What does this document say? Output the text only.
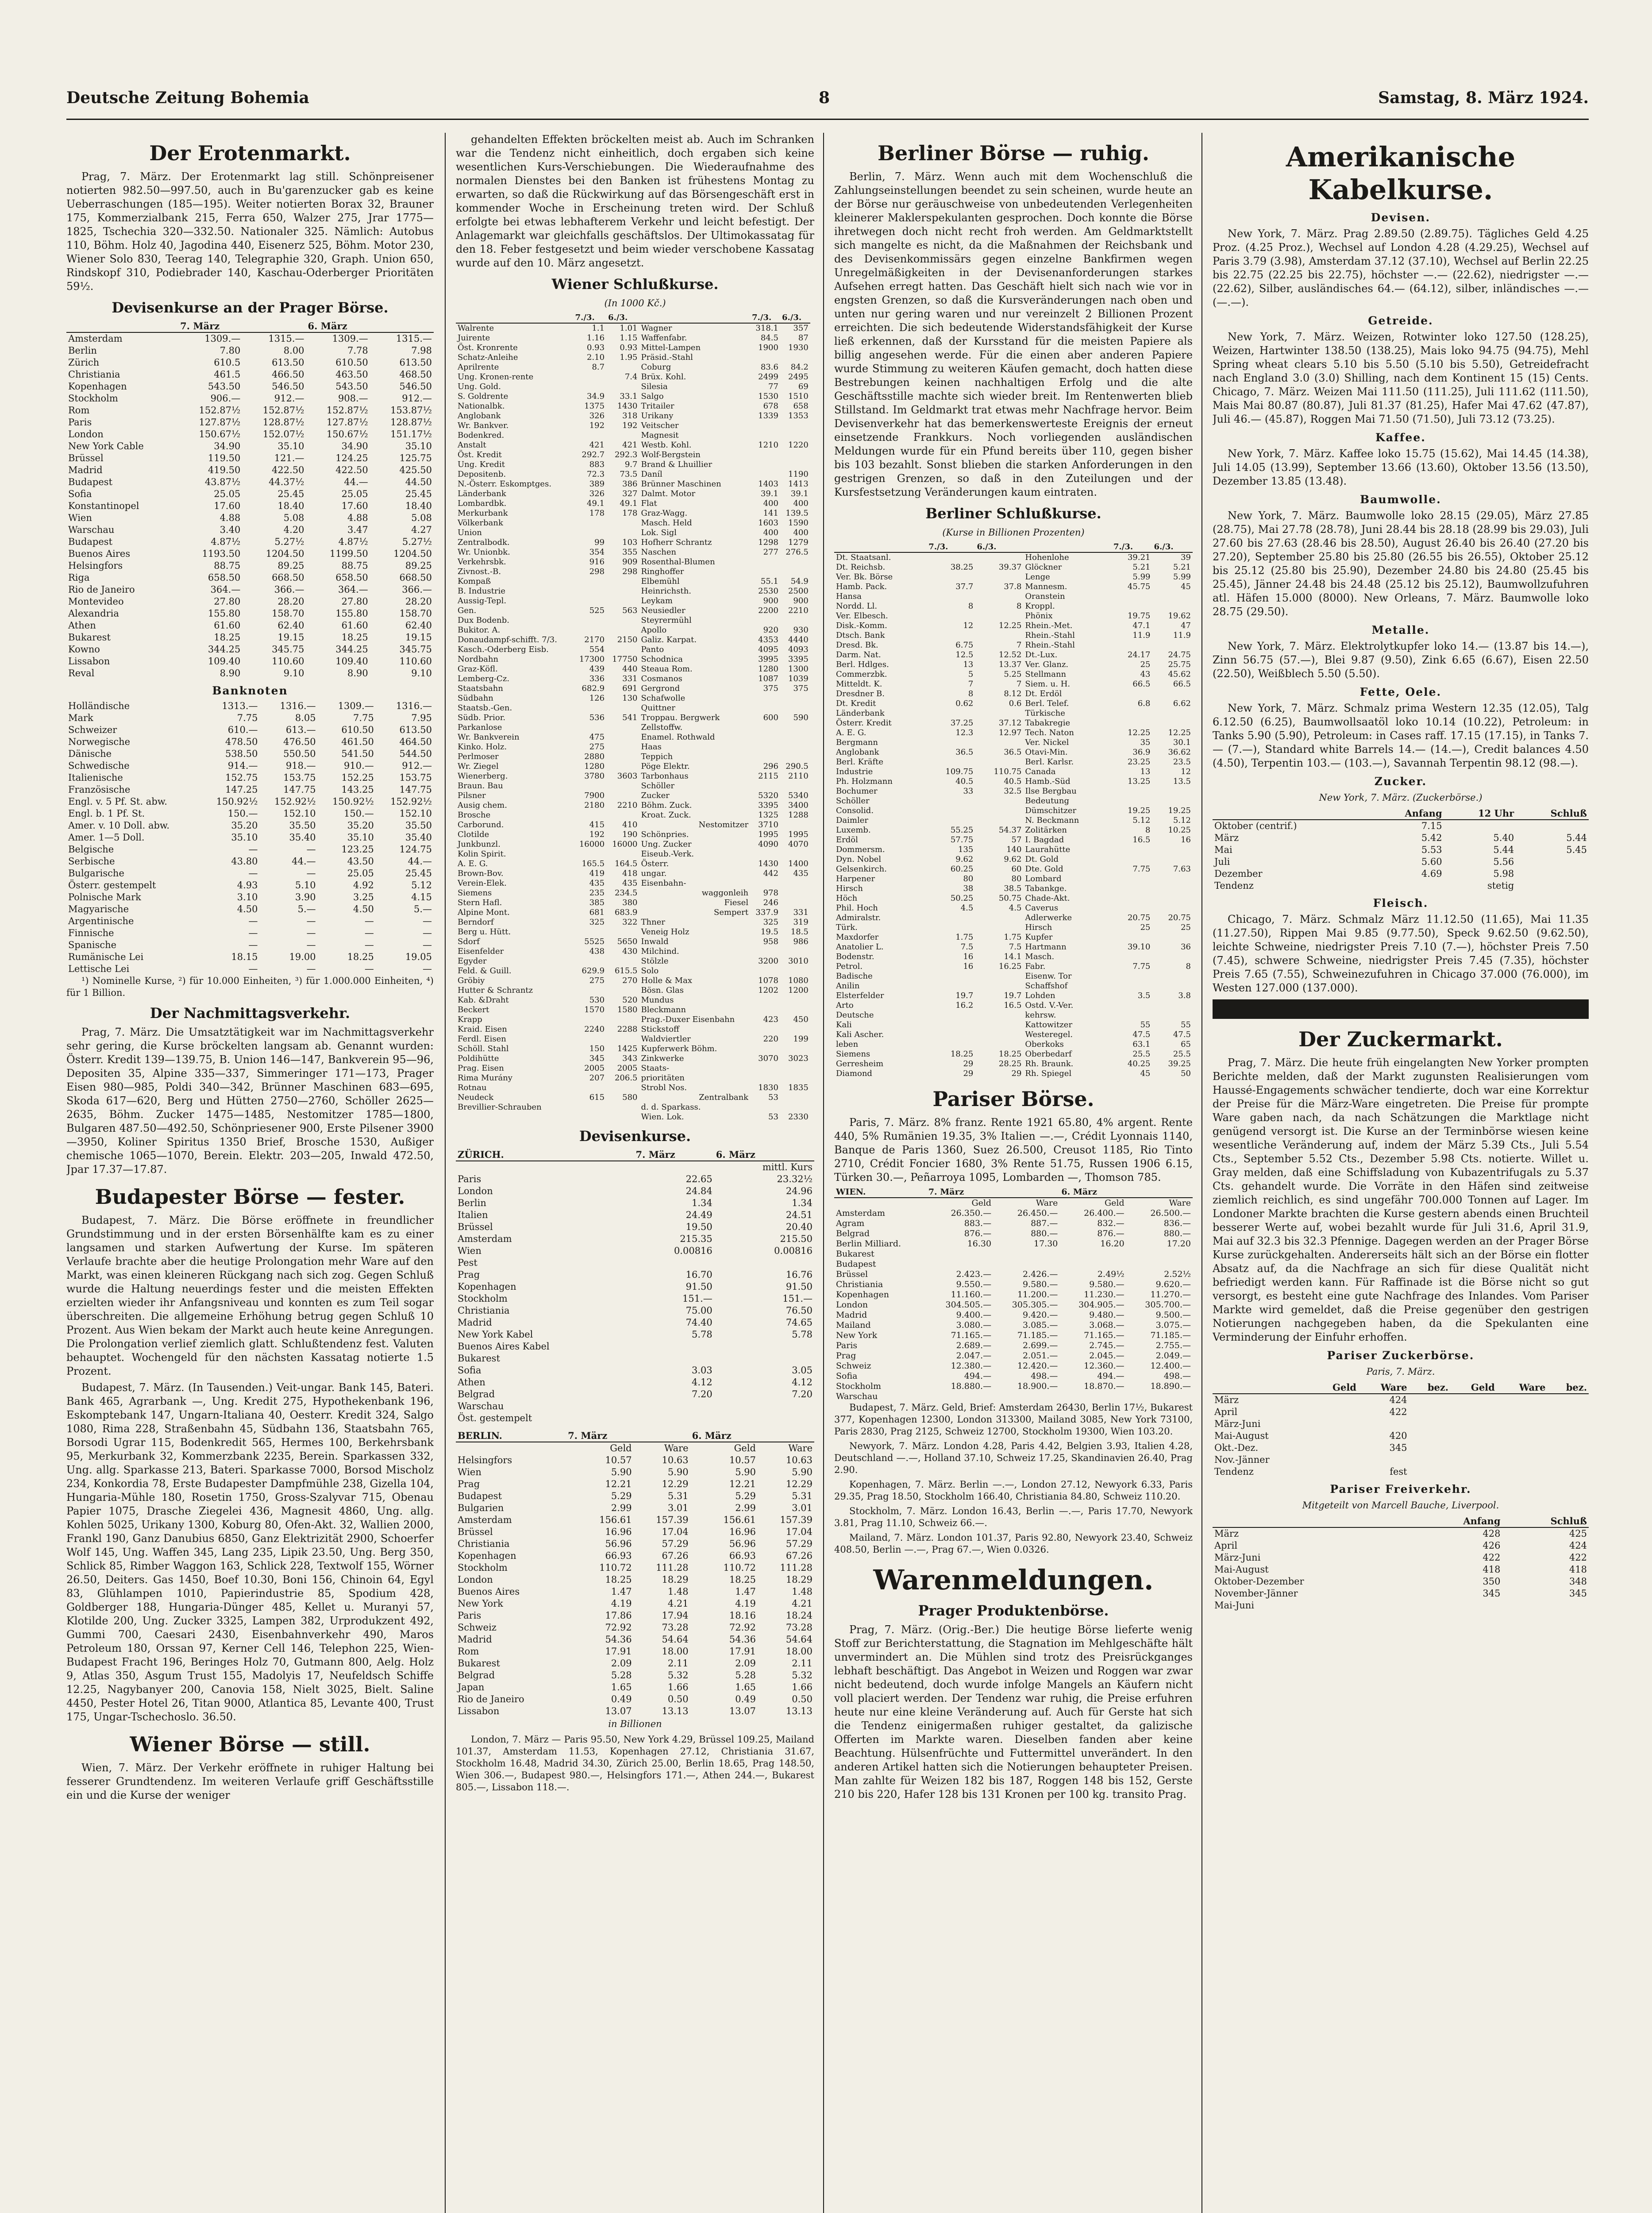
Deutsche Zeitung Bohemia	8	Samstag, 8. März 1924.
Der Erotenmarkt.

Prag, 7. März. Der Erotenmarkt lag still. Schönpreisener notierten 982.50—997.50, auch in Bu'garenzucker gab es keine Ueberraschungen (185—195). Weiter notierten Borax 32, Brauner 175, Kommerzialbank 215, Ferra 650, Walzer 275, Jrar 1775—1825, Tschechia 320—332.50. Nationaler 325. Nämlich: Autobus 110, Böhm. Holz 40, Jagodina 440, Eisenerz 525, Böhm. Motor 230, Wiener Solo 830, Teerag 140, Telegraphie 320, Graph. Union 650, Rindskopf 310, Podiebrader 140, Kaschau-Oderberger Prioritäten 59½.

Devisenkurse an der Prager Börse.
	7. März		6. März	
Amsterdam	1309.—	1315.—	1309.—	1315.—
Berlin	7.80	8.00	7.78	7.98
Zürich	610.5	613.50	610.50	613.50
Christiania	461.5	466.50	463.50	468.50
Kopenhagen	543.50	546.50	543.50	546.50
Stockholm	906.—	912.—	908.—	912.—
Rom	152.87½	152.87½	152.87½	153.87½
Paris	127.87½	128.87½	127.87½	128.87½
London	150.67½	152.07½	150.67½	151.17½
New York Cable	34.90	35.10	34.90	35.10
Brüssel	119.50	121.—	124.25	125.75
Madrid	419.50	422.50	422.50	425.50
Budapest	43.87½	44.37½	44.—	44.50
Sofia	25.05	25.45	25.05	25.45
Konstantinopel	17.60	18.40	17.60	18.40
Wien	4.88	5.08	4.88	5.08
Warschau	3.40	4.20	3.47	4.27
Budapest	4.87½	5.27½	4.87½	5.27½
Buenos Aires	1193.50	1204.50	1199.50	1204.50
Helsingfors	88.75	89.25	88.75	89.25
Riga	658.50	668.50	658.50	668.50
Rio de Janeiro	364.—	366.—	364.—	366.—
Montevideo	27.80	28.20	27.80	28.20
Alexandria	155.80	158.70	155.80	158.70
Athen	61.60	62.40	61.60	62.40
Bukarest	18.25	19.15	18.25	19.15
Kowno	344.25	345.75	344.25	345.75
Lissabon	109.40	110.60	109.40	110.60
Reval	8.90	9.10	8.90	9.10
Banknoten
Holländische	1313.—	1316.—	1309.—	1316.—
Mark	7.75	8.05	7.75	7.95
Schweizer	610.—	613.—	610.50	613.50
Norwegische	478.50	476.50	461.50	464.50
Dänische	538.50	550.50	541.50	544.50
Schwedische	914.—	918.—	910.—	912.—
Italienische	152.75	153.75	152.25	153.75
Französische	147.25	147.75	143.25	147.75
Engl. v. 5 Pf. St. abw.	150.92½	152.92½	150.92½	152.92½
Engl. b. 1 Pf. St.	150.—	152.10	150.—	152.10
Amer. v. 10 Doll. abw.	35.20	35.50	35.20	35.50
Amer. 1—5 Doll.	35.10	35.40	35.10	35.40
Belgische	—	—	123.25	124.75
Serbische	43.80	44.—	43.50	44.—
Bulgarische	—	—	25.05	25.45
Österr. gestempelt	4.93	5.10	4.92	5.12
Polnische Mark	3.10	3.90	3.25	4.15
Magyarische	4.50	5.—	4.50	5.—
Argentinische	—	—	—	—
Finnische	—	—	—	—
Spanische	—	—	—	—
Rumänische Lei	18.15	19.00	18.25	19.05
Lettische Lei	—	—	—	—

¹) Nominelle Kurse, ²) für 10.000 Einheiten, ³) für 1.000.000 Einheiten, ⁴) für 1 Billion.

Der Nachmittagsverkehr.

Prag, 7. März. Die Umsatztätigkeit war im Nachmittagsverkehr sehr gering, die Kurse bröckelten langsam ab. Genannt wurden: Österr. Kredit 139—139.75, B. Union 146—147, Bankverein 95—96, Depositen 35, Alpine 335—337, Simmeringer 171—173, Prager Eisen 980—985, Poldi 340—342, Brünner Maschinen 683—695, Skoda 617—620, Berg und Hütten 2750—2760, Schöller 2625—2635, Böhm. Zucker 1475—1485, Nestomitzer 1785—1800, Bulgaren 487.50—492.50, Schönpriesener 900, Erste Pilsener 3900—3950, Koliner Spiritus 1350 Brief, Brosche 1530, Außiger chemische 1065—1070, Berein. Elektr. 203—205, Inwald 472.50, Jpar 17.37—17.87.

Budapester Börse — fester.

Budapest, 7. März. Die Börse eröffnete in freundlicher Grundstimmung und in der ersten Börsenhälfte kam es zu einer langsamen und starken Aufwertung der Kurse. Im späteren Verlaufe brachte aber die heutige Prolongation mehr Ware auf den Markt, was einen kleineren Rückgang nach sich zog. Gegen Schluß wurde die Haltung neuerdings fester und die meisten Effekten erzielten wieder ihr Anfangsniveau und konnten es zum Teil sogar überschreiten. Die allgemeine Erhöhung betrug gegen Schluß 10 Prozent. Aus Wien bekam der Markt auch heute keine Anregungen. Die Prolongation verlief ziemlich glatt. Schlußtendenz fest. Valuten behauptet. Wochengeld für den nächsten Kassatag notierte 1.5 Prozent.

Budapest, 7. März. (In Tausenden.) Veit-ungar. Bank 145, Bateri. Bank 465, Agrarbank —, Ung. Kredit 275, Hypothekenbank 196, Eskomptebank 147, Ungarn-Italiana 40, Oesterr. Kredit 324, Salgo 1080, Rima 228, Straßenbahn 45, Südbahn 136, Staatsbahn 765, Borsodi Ugrar 115, Bodenkredit 565, Hermes 100, Berkehrsbank 95, Merkurbank 32, Kommerzbank 2235, Berein. Sparkassen 332, Ung. allg. Sparkasse 213, Bateri. Sparkasse 7000, Borsod Mischolz 234, Konkordia 78, Erste Budapester Dampfmühle 238, Gizella 104, Hungaria-Mühle 180, Rosetin 1750, Gross-Szalyvar 715, Obenau Papier 1075, Drasche Ziegelei 436, Magnesit 4860, Ung. allg. Kohlen 5025, Urikany 1300, Koburg 80, Ofen-Akt. 32, Wallien 2000, Frankl 190, Ganz Danubius 6850, Ganz Elektrizität 2900, Schoerfer Wolf 145, Ung. Waffen 345, Lang 235, Lipik 23.50, Ung. Berg 350, Schlick 85, Rimber Waggon 163, Schlick 228, Textwolf 155, Wörner 26.50, Deiters. Gas 1450, Boef 10.30, Boni 156, Chinoin 64, Egyl 83, Glühlampen 1010, Papierindustrie 85, Spodium 428, Goldberger 188, Hungaria-Dünger 485, Kellet u. Muranyi 57, Klotilde 200, Ung. Zucker 3325, Lampen 382, Urprodukzent 492, Gummi 700, Caesari 2430, Eisenbahnverkehr 490, Maros Petroleum 180, Orssan 97, Kerner Cell 146, Telephon 225, Wien-Budapest Fracht 196, Beringes Holz 70, Gutmann 800, Aelg. Holz 9, Atlas 350, Asgum Trust 155, Madolyis 17, Neufeldsch Schiffe 12.25, Nagybanyer 200, Canovia 158, Nielt 3025, Bielt. Saline 4450, Pester Hotel 26, Titan 9000, Atlantica 85, Levante 400, Trust 175, Ungar-Tschechoslo. 36.50.

Wiener Börse — still.

Wien, 7. März. Der Verkehr eröffnete in ruhiger Haltung bei fesserer Grundtendenz. Im weiteren Verlaufe griff Geschäftsstille ein und die Kurse der weniger

gehandelten Effekten bröckelten meist ab. Auch im Schranken war die Tendenz nicht einheitlich, doch ergaben sich keine wesentlichen Kurs-Verschiebungen. Die Wiederaufnahme des normalen Dienstes bei den Banken ist frühestens Montag zu erwarten, so daß die Rückwirkung auf das Börsengeschäft erst in kommender Woche in Erscheinung treten wird. Der Schluß erfolgte bei etwas lebhafterem Verkehr und leicht befestigt. Der Anlagemarkt war gleichfalls geschäftslos. Der Ultimokassatag für den 18. Feber festgesetzt und beim wieder verschobene Kassatag wurde auf den 10. März angesetzt.

Wiener Schlußkurse.
(In 1000 Kč.)
	7./3.	6./3.		7./3.	6./3.	
Walrente	1.1	1.01	Wagner	318.1	357	
Juirente	1.16	1.15	Waffenfabr.	84.5	87	
Öst. Kronrente	0.93	0.93	Mittel-Lampen	1900	1930	
Schatz-Anleihe	2.10	1.95	Präsid.-Stahl			
Aprilrente	8.7		Coburg	83.6	84.2	
Ung. Kronen-rente		7.4	Brüx. Kohl.	2499	2495	
Ung. Gold.			Silesia	77	69	
S. Goldrente	34.9	33.1	Salgo	1530	1510	
Nationalbk.	1375	1430	Tritailer	678	658	
Anglobank	326	318	Urikany	1339	1353	
Wr. Bankver.	192	192	Veitscher			
Bodenkred.			Magnesit			
Anstalt	421	421	Westb. Kohl.	1210	1220	
Öst. Kredit	292.7	292.3	Wolf-Bergstein			
Ung. Kredit	883	9.7	Brand & Lhuillier			
Depositenb.	72.3	73.5	Daníl		1190	
N.-Österr. Eskomptges.	389	386	Brünner Maschinen	1403	1413	
Länderbank	326	327	Dalmt. Motor	39.1	39.1	
Lombardbk.	49.1	49.1	Flat	400	400	
Merkurbank	178	178	Graz-Wagg.	141	139.5	
Völkerbank			Masch. Held	1603	1590	
Union			Lok. Sigl	400	400	
Zentralbodk.	99	103	Hofherr Schrantz	1298	1279	
Wr. Unionbk.	354	355	Naschen	277	276.5	
Verkehrsbk.	916	909	Rosenthal-Blumen			
Zivnost.-B.	298	298	Ringhoffer			
Kompaß			Elbemühl	55.1	54.9	
B. Industrie			Heinrichsth.	2530	2500	
Aussig-Tepl.			Leykam	900	900	
Gen.	525	563	Neusiedler	2200	2210	
Dux Bodenb.			Steyrermühl			
Bukitor. A.			Apollo	920	930	
Donaudampf-schifft. 7/3.	2170	2150	Galiz. Karpat.	4353	4440	
Kasch.-Oderberg Eisb.	554		Panto	4095	4093	
Nordbahn	17300	17750	Schodnica	3995	3395	
Graz-Köfl.	439	440	Steaua Rom.	1280	1300	
Lemberg-Cz.	336	331	Cosmanos	1087	1039	
Staatsbahn	682.9	691	Gergrond	375	375	
Südbahn	126	130	Schafwolle			
Staatsb.-Gen.			Quittner			
Südb. Prior.	536	541	Troppau. Bergwerk	600	590	
Parkanlose			Zellstoffw.			
Wr. Bankverein	475		Enamel. Rothwald			
Kinko. Holz.	275		Haas			
Perlmoser	2880		Teppich			
Wr. Ziegel	1280		Pöge Elektr.	296	290.5	
Wienerberg.	3780	3603	Tarbonhaus	2115	2110	
Braun. Bau			Schöller			
Pilsner	7900		Zucker	5320	5340	
Ausig chem.	2180	2210	Böhm. Zuck.	3395	3400	
Brosche			Kroat. Zuck.	1325	1288	
Carborund.	415	410	Nestomitzer	3710		
Clotilde	192	190	Schönpries.	1995	1995	
Junkbunzl.	16000	16000	Ung. Zucker	4090	4070	
Kolin Spirit.			Eiseub.-Verk.			
A. E. G.	165.5	164.5	Österr.	1430	1400	
Brown-Bov.	419	418	ungar.	442	435	
Verein-Elek.	435	435	Eisenbahn-			
Siemens	235	234.5	waggonleih	978		
Stern Hafl.	385	380	Fiesel	246		
Alpine Mont.	681	683.9	Sempert	337.9	331	
Berndorf	325	322	Thner	325	319	
Berg u. Hütt.			Veneig Holz	19.5	18.5	
Sdorf	5525	5650	Inwald	958	986	
Eisenfelder	438	430	Milchind.			
Egyder			Stölzle	3200	3010	
Feld. & Guill.	629.9	615.5	Solo			
Gröbiy	275	270	Holle & Max	1078	1080	
Hutter & Schrantz			Bösn. Glas	1202	1200	
Kab. &Draht	530	520	Mundus			
Beckert	1570	1580	Bleckmann			
Krapp			Prag.-Duxer Eisenbahn	423	450	
Kraid. Eisen	2240	2288	Stickstoff			
Ferdl. Eisen			Waldviertler	220	199	
Schöll. Stahl	150	1425	Kupferwerk Böhm.			
Poldihütte	345	343	Zinkwerke	3070	3023	
Prag. Eisen	2005	2005	Staats-			
Rima Murány	207	206.5	prioritäten			
Rotnau			Strobl Nos.	1830	1835	
Neudeck	615	580	Zentralbank	53		
Brevillier-Schrauben			d. d. Sparkass.			
			Wien. Lok.	53	2330	
Devisenkurse.
ZÜRICH.	7. März	6. März
		mittl. Kurs
Paris	22.65	23.32½
London	24.84	24.96
Berlin	1.34	1.34
Italien	24.49	24.51
Brüssel	19.50	20.40
Amsterdam	215.35	215.50
Wien	0.00816	0.00816
Pest		
Prag	16.70	16.76
Kopenhagen	91.50	91.50
Stockholm	151.—	151.—
Christiania	75.00	76.50
Madrid	74.40	74.65
New York Kabel	5.78	5.78
Buenos Aires Kabel		
Bukarest		
Sofia	3.03	3.05
Athen	4.12	4.12
Belgrad	7.20	7.20
Warschau		
Öst. gestempelt		
BERLIN.	7. März		6. März	
	Geld	Ware	Geld	Ware
Helsingfors	10.57	10.63	10.57	10.63
Wien	5.90	5.90	5.90	5.90
Prag	12.21	12.29	12.21	12.29
Budapest	5.29	5.31	5.29	5.31
Bulgarien	2.99	3.01	2.99	3.01
Amsterdam	156.61	157.39	156.61	157.39
Brüssel	16.96	17.04	16.96	17.04
Christiania	56.96	57.29	56.96	57.29
Kopenhagen	66.93	67.26	66.93	67.26
Stockholm	110.72	111.28	110.72	111.28
London	18.25	18.29	18.25	18.29
Buenos Aires	1.47	1.48	1.47	1.48
New York	4.19	4.21	4.19	4.21
Paris	17.86	17.94	18.16	18.24
Schweiz	72.92	73.28	72.92	73.28
Madrid	54.36	54.64	54.36	54.64
Rom	17.91	18.00	17.91	18.00
Bukarest	2.09	2.11	2.09	2.11
Belgrad	5.28	5.32	5.28	5.32
Japan	1.65	1.66	1.65	1.66
Rio de Janeiro	0.49	0.50	0.49	0.50
Lissabon	13.07	13.13	13.07	13.13
in Billionen

London, 7. März — Paris 95.50, New York 4.29, Brüssel 109.25, Mailand 101.37, Amsterdam 11.53, Kopenhagen 27.12, Christiania 31.67, Stockholm 16.48, Madrid 34.30, Zürich 25.00, Berlin 18.65, Prag 148.50, Wien 306.—, Budapest 980.—, Helsingfors 171.—, Athen 244.—, Bukarest 805.—, Lissabon 118.—.

Berliner Börse — ruhig.

Berlin, 7. März. Wenn auch mit dem Wochenschluß die Zahlungseinstellungen beendet zu sein scheinen, wurde heute an der Börse nur geräuschweise von unbedeutenden Verlegenheiten kleinerer Maklerspekulanten gesprochen. Doch konnte die Börse ihretwegen doch nicht recht froh werden. Am Geldmarktstellt sich mangelte es nicht, da die Maßnahmen der Reichsbank und des Devisenkommissärs gegen einzelne Bankfirmen wegen Unregelmäßigkeiten in der Devisenanforderungen starkes Aufsehen erregt hatten. Das Geschäft hielt sich nach wie vor in engsten Grenzen, so daß die Kursveränderungen nach oben und unten nur gering waren und nur vereinzelt 2 Billionen Prozent erreichten. Die sich bedeutende Widerstandsfähigkeit der Kurse ließ erkennen, daß der Kursstand für die meisten Papiere als billig angesehen werde. Für die einen aber anderen Papiere wurde Stimmung zu weiteren Käufen gemacht, doch hatten diese Bestrebungen keinen nachhaltigen Erfolg und die alte Geschäftsstille machte sich wieder breit. Im Rentenwerten blieb Stillstand. Im Geldmarkt trat etwas mehr Nachfrage hervor. Beim Devisenverkehr hat das bemerkenswerteste Ereignis der erneut einsetzende Frankkurs. Noch vorliegenden ausländischen Meldungen wurde für ein Pfund bereits über 110, gegen bisher bis 103 bezahlt. Sonst blieben die starken Anforderungen in den gestrigen Grenzen, so daß in den Zuteilungen und der Kursfestsetzung Veränderungen kaum eintraten.

Berliner Schlußkurse.
(Kurse in Billionen Prozenten)
	7./3.	6./3.		7./3.	6./3.
Dt. Staatsanl.			Hohenlohe	39.21	39
Dt. Reichsb.	38.25	39.37	Glöckner	5.21	5.21
Ver. Bk. Börse			Lenge	5.99	5.99
Hamb. Pack.	37.7	37.8	Mannesm.	45.75	45
Hansa			Oranstein		
Nordd. Ll.	8	8	Kroppl.		
Ver. Elbesch.			Phönix	19.75	19.62
Disk.-Komm.	12	12.25	Rhein.-Met.	47.1	47
Dtsch. Bank			Rhein.-Stahl	11.9	11.9
Dresd. Bk.	6.75	7	Rhein.-Stahl		
Darm. Nat.	12.5	12.52	Dt.-Lux.	24.17	24.75
Berl. Hdlges.	13	13.37	Ver. Glanz.	25	25.75
Commerzbk.	5	5.25	Stellmann	43	45.62
Mitteldt. K.	7	7	Siem. u. H.	66.5	66.5
Dresdner B.	8	8.12	Dt. Erdöl		
Dt. Kredit	0.62	0.6	Berl. Telef.	6.8	6.62
Länderbank			Türkische		
Österr. Kredit	37.25	37.12	Tabakregie		
A. E. G.	12.3	12.97	Tech. Naton	12.25	12.25
Bergmann			Ver. Nickel	35	30.1
Anglobank	36.5	36.5	Otavi-Min.	36.9	36.62
Berl. Kräfte			Berl. Karlsr.	23.25	23.5
Industrie	109.75	110.75	Canada	13	12
Ph. Holzmann	40.5	40.5	Hamb.-Süd	13.25	13.5
Bochumer	33	32.5	Ilse Bergbau		
Schöller			Bedeutung		
Consolid.			Dümschitzer	19.25	19.25
Daimler			N. Beckmann	5.12	5.12
Luxemb.	55.25	54.37	Zolitärken	8	10.25
Erdöl	57.75	57	I. Bagdad	16.5	16
Dommersm.	135	140	Laurahütte		
Dyn. Nobel	9.62	9.62	Dt. Gold		
Gelsenkirch.	60.25	60	Dte. Gold	7.75	7.63
Harpener	80	80	Lombard		
Hirsch	38	38.5	Tabankge.		
Höch	50.25	50.75	Chade-Akt.		
Phil. Hoch	4.5	4.5	Caverus		
Admiralstr.			Adlerwerke	20.75	20.75
Türk.			Hirsch	25	25
Maxdorfer	1.75	1.75	Kupfer		
Anatolier L.	7.5	7.5	Hartmann	39.10	36
Bodenstr.	16	14.1	Masch.		
Petrol.	16	16.25	Fabr.	7.75	8
Badische			Eisenw. Tor		
Anilin			Schaffshof		
Elsterfelder	19.7	19.7	Lohden	3.5	3.8
Arto	16.2	16.5	Ostd. V.-Ver.		
Deutsche			kehrsw.		
Kali			Kattowitzer	55	55
Kali Ascher.			Westeregel.	47.5	47.5
leben			Oberkoks	63.1	65
Siemens	18.25	18.25	Oberbedarf	25.5	25.5
Gerresheim	29	28.25	Rh. Braunk.	40.25	39.25
Diamond	29	29	Rh. Spiegel	45	50
Pariser Börse.

Paris, 7. März. 8% franz. Rente 1921 65.80, 4% argent. Rente 440, 5% Rumänien 19.35, 3% Italien —.—, Crédit Lyonnais 1140, Banque de Paris 1360, Suez 26.500, Creusot 1185, Rio Tinto 2710, Crédit Foncier 1680, 3% Rente 51.75, Russen 1906 6.15, Türken 30.—, Peñarroya 1095, Lombarden —, Thomson 785.

WIEN.	7. März		6. März	
	Geld	Ware	Geld	Ware
Amsterdam	26.350.—	26.450.—	26.400.—	26.500.—
Agram	883.—	887.—	832.—	836.—
Belgrad	876.—	880.—	876.—	880.—
Berlin Milliard.	16.30	17.30	16.20	17.20
Bukarest				
Budapest				
Brüssel	2.423.—	2.426.—	2.49½	2.52½
Christiania	9.550.—	9.580.—	9.580.—	9.620.—
Kopenhagen	11.160.—	11.200.—	11.230.—	11.270.—
London	304.505.—	305.305.—	304.905.—	305.700.—
Madrid	9.400.—	9.420.—	9.480.—	9.500.—
Mailand	3.080.—	3.085.—	3.068.—	3.075.—
New York	71.165.—	71.185.—	71.165.—	71.185.—
Paris	2.689.—	2.699.—	2.745.—	2.755.—
Prag	2.047.—	2.051.—	2.045.—	2.049.—
Schweiz	12.380.—	12.420.—	12.360.—	12.400.—
Sofia	494.—	498.—	494.—	498.—
Stockholm	18.880.—	18.900.—	18.870.—	18.890.—
Warschau				

Budapest, 7. März. Geld, Brief: Amsterdam 26430, Berlin 17½, Bukarest 377, Kopenhagen 12300, London 313300, Mailand 3085, New York 73100, Paris 2830, Prag 2125, Schweiz 12700, Stockholm 19300, Wien 103.20.

Newyork, 7. März. London 4.28, Paris 4.42, Belgien 3.93, Italien 4.28, Deutschland —.—, Holland 37.10, Schweiz 17.25, Skandinavien 26.40, Prag 2.90.

Kopenhagen, 7. März. Berlin —.—, London 27.12, Newyork 6.33, Paris 29.35, Prag 18.50, Stockholm 166.40, Christiania 84.80, Schweiz 110.20.

Stockholm, 7. März. London 16.43, Berlin —.—, Paris 17.70, Newyork 3.81, Prag 11.10, Schweiz 66.—.

Mailand, 7. März. London 101.37, Paris 92.80, Newyork 23.40, Schweiz 408.50, Berlin —.—, Prag 67.—, Wien 0.0326.

Warenmeldungen.
Prager Produktenbörse.

Prag, 7. März. (Orig.-Ber.) Die heutige Börse lieferte wenig Stoff zur Berichterstattung, die Stagnation im Mehlgeschäfte hält unvermindert an. Die Mühlen sind trotz des Preisrückganges lebhaft beschäftigt. Das Angebot in Weizen und Roggen war zwar nicht bedeutend, doch wurde infolge Mangels an Käufern nicht voll placiert werden. Der Tendenz war ruhig, die Preise erfuhren heute nur eine kleine Veränderung auf. Auch für Gerste hat sich die Tendenz einigermaßen ruhiger gestaltet, da galizische Offerten im Markte waren. Dieselben fanden aber keine Beachtung. Hülsenfrüchte und Futtermittel unverändert. In den anderen Artikel hatten sich die Notierungen behaupteter Preisen. Man zahlte für Weizen 182 bis 187, Roggen 148 bis 152, Gerste 210 bis 220, Hafer 128 bis 131 Kronen per 100 kg. transito Prag.

Amerikanische Kabelkurse.
Devisen.

New York, 7. März. Prag 2.89.50 (2.89.75). Tägliches Geld 4.25 Proz. (4.25 Proz.), Wechsel auf London 4.28 (4.29.25), Wechsel auf Paris 3.79 (3.98), Amsterdam 37.12 (37.10), Wechsel auf Berlin 22.25 bis 22.75 (22.25 bis 22.75), höchster —.— (22.62), niedrigster —.— (22.62), Silber, ausländisches 64.— (64.12), silber, inländisches —.— (—.—).

Getreide.

New York, 7. März. Weizen, Rotwinter loko 127.50 (128.25), Weizen, Hartwinter 138.50 (138.25), Mais loko 94.75 (94.75), Mehl Spring wheat clears 5.10 bis 5.50 (5.10 bis 5.50), Getreidefracht nach England 3.0 (3.0) Shilling, nach dem Kontinent 15 (15) Cents. Chicago, 7. März. Weizen Mai 111.50 (111.25), Juli 111.62 (111.50), Mais Mai 80.87 (80.87), Juli 81.37 (81.25), Hafer Mai 47.62 (47.87), Juli 46.— (45.87), Roggen Mai 71.50 (71.50), Juli 73.12 (73.25).

Kaffee.

New York, 7. März. Kaffee loko 15.75 (15.62), Mai 14.45 (14.38), Juli 14.05 (13.99), September 13.66 (13.60), Oktober 13.56 (13.50), Dezember 13.85 (13.48).

Baumwolle.

New York, 7. März. Baumwolle loko 28.15 (29.05), März 27.85 (28.75), Mai 27.78 (28.78), Juni 28.44 bis 28.18 (28.99 bis 29.03), Juli 27.60 bis 27.63 (28.46 bis 28.50), August 26.40 bis 26.40 (27.20 bis 27.20), September 25.80 bis 25.80 (26.55 bis 26.55), Oktober 25.12 bis 25.12 (25.80 bis 25.90), Dezember 24.80 bis 24.80 (25.45 bis 25.45), Jänner 24.48 bis 24.48 (25.12 bis 25.12), Baumwollzufuhren atl. Häfen 15.000 (8000). New Orleans, 7. März. Baumwolle loko 28.75 (29.50).

Metalle.

New York, 7. März. Elektrolytkupfer loko 14.— (13.87 bis 14.—), Zinn 56.75 (57.—), Blei 9.87 (9.50), Zink 6.65 (6.67), Eisen 22.50 (22.50), Weißblech 5.50 (5.50).

Fette, Oele.

New York, 7. März. Schmalz prima Western 12.35 (12.05), Talg 6.12.50 (6.25), Baumwollsaatöl loko 10.14 (10.22), Petroleum: in Tanks 5.90 (5.90), Petroleum: in Cases raff. 17.15 (17.15), in Tanks 7.— (7.—), Standard white Barrels 14.— (14.—), Credit balances 4.50 (4.50), Terpentin 103.— (103.—), Savannah Terpentin 98.12 (98.—).

Zucker.
New York, 7. März. (Zuckerbörse.)
	Anfang	12 Uhr	Schluß
Oktober (centrif.)	7.15		
März	5.42	5.40	5.44
Mai	5.53	5.44	5.45
Juli	5.60	5.56	
Dezember	4.69	5.98	
Tendenz		stetig	
Fleisch.

Chicago, 7. März. Schmalz März 11.12.50 (11.65), Mai 11.35 (11.27.50), Rippen Mai 9.85 (9.77.50), Speck 9.62.50 (9.62.50), leichte Schweine, niedrigster Preis 7.10 (7.—), höchster Preis 7.50 (7.45), schwere Schweine, niedrigster Preis 7.45 (7.35), höchster Preis 7.65 (7.55), Schweinezufuhren in Chicago 37.000 (76.000), im Westen 127.000 (137.000).

Der Zuckermarkt.

Prag, 7. März. Die heute früh eingelangten New Yorker prompten Berichte melden, daß der Markt zugunsten Realisierungen vom Haussé-Engagements schwächer tendierte, doch war eine Korrektur der Preise für die März-Ware eingetreten. Die Preise für prompte Ware gaben nach, da nach Schätzungen die Marktlage nicht genügend versorgt ist. Die Kurse an der Terminbörse wiesen keine wesentliche Veränderung auf, indem der März 5.39 Cts., Juli 5.54 Cts., September 5.52 Cts., Dezember 5.98 Cts. notierte. Willet u. Gray melden, daß eine Schiffsladung von Kubazentrifugals zu 5.37 Cts. gehandelt wurde. Die Vorräte in den Häfen sind zeitweise ziemlich reichlich, es sind ungefähr 700.000 Tonnen auf Lager. Im Londoner Markte brachten die Kurse gestern abends einen Bruchteil besserer Werte auf, wobei bezahlt wurde für Juli 31.6, April 31.9, Mai auf 32.3 bis 32.3 Pfennige. Dagegen werden an der Prager Börse Kurse zurückgehalten. Andererseits hält sich an der Börse ein flotter Absatz auf, da die Nachfrage an sich für diese Qualität nicht befriedigt werden kann. Für Raffinade ist die Börse nicht so gut versorgt, es besteht eine gute Nachfrage des Inlandes. Vom Pariser Markte wird gemeldet, daß die Preise gegenüber den gestrigen Notierungen nachgegeben haben, da die Spekulanten eine Verminderung der Einfuhr erhoffen.

Pariser Zuckerbörse.
Paris, 7. März.
	Geld	Ware	bez.	Geld	Ware	bez.
März		424				
April		422				
März-Juni						
Mai-August		420				
Okt.-Dez.		345				
Nov.-Jänner						
Tendenz		fest				
Pariser Freiverkehr.
Mitgeteilt von Marcell Bauche, Liverpool.
	Anfang	Schluß
März	428	425
April	426	424
März-Juni	422	422
Mai-August	418	418
Oktober-Dezember	350	348
November-Jänner	345	345
Mai-Juni		
